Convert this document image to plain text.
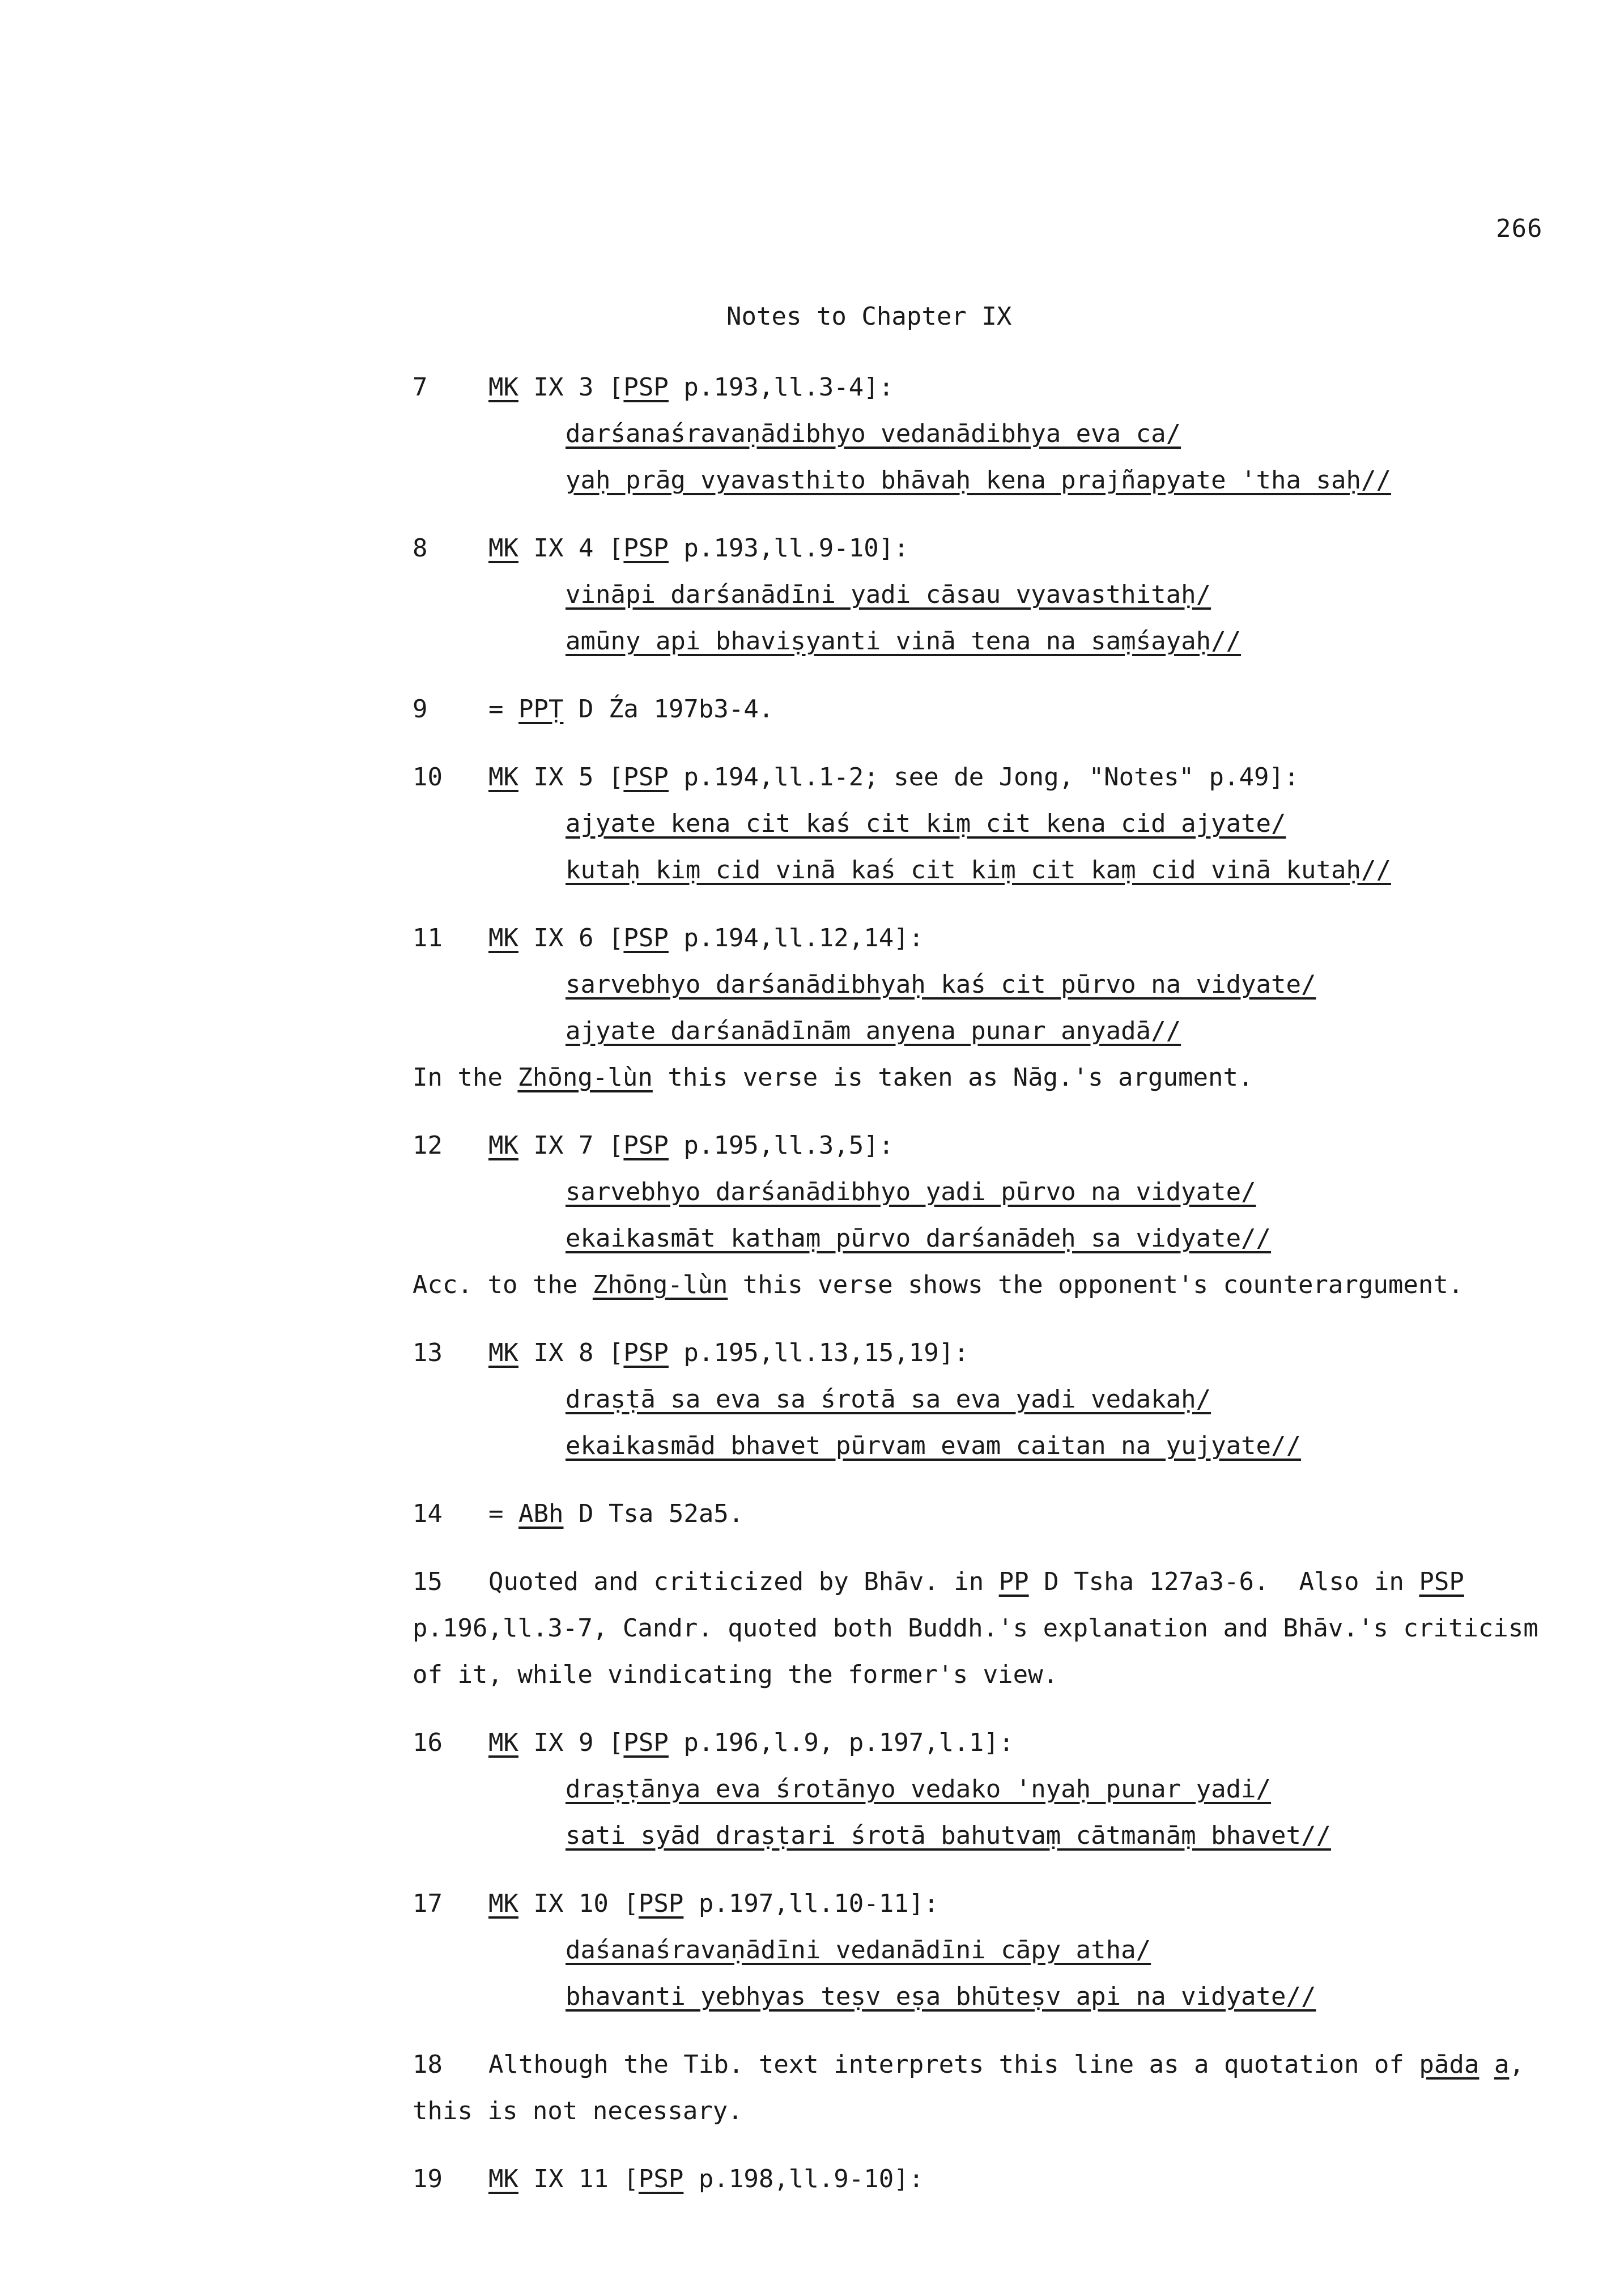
266
Notes to Chapter IX
7 MK IX 3 [PSP p.193,ll.3-4]:
darśanaśravaṇādibhyo vedanādibhya eva ca/
yaḥ prāg vyavasthito bhāvaḥ kena prajñapyate 'tha saḥ//
8 MK IX 4 [PSP p.193,ll.9-10]:
vināpi darśanādīni yadi cāsau vyavasthitaḥ/
amūny api bhaviṣyanti vinā tena na saṃśayaḥ//
9 = PPṬ D Źa 197b3-4.
10 MK IX 5 [PSP p.194,ll.1-2; see de Jong, "Notes" p.49]:
ajyate kena cit kaś cit kiṃ cit kena cid ajyate/
kutaḥ kiṃ cid vinā kaś cit kiṃ cit kaṃ cid vinā kutaḥ//
11 MK IX 6 [PSP p.194,ll.12,14]:
sarvebhyo darśanādibhyaḥ kaś cit pūrvo na vidyate/
ajyate darśanādīnām anyena punar anyadā//
In the Zhōng-lùn this verse is taken as Nāg.'s argument.
12 MK IX 7 [PSP p.195,ll.3,5]:
sarvebhyo darśanādibhyo yadi pūrvo na vidyate/
ekaikasmāt kathaṃ pūrvo darśanādeḥ sa vidyate//
Acc. to the Zhōng-lùn this verse shows the opponent's counterargument.
13 MK IX 8 [PSP p.195,ll.13,15,19]:
draṣṭā sa eva sa śrotā sa eva yadi vedakaḥ/
ekaikasmād bhavet pūrvam evam caitan na yujyate//
14 = ABh D Tsa 52a5.
15 Quoted and criticized by Bhāv. in PP D Tsha 127a3-6.  Also in PSP
p.196,ll.3-7, Candr. quoted both Buddh.'s explanation and Bhāv.'s criticism
of it, while vindicating the former's view.
16 MK IX 9 [PSP p.196,l.9, p.197,l.1]:
draṣṭānya eva śrotānyo vedako 'nyaḥ punar yadi/
sati syād draṣṭari śrotā bahutvaṃ cātmanāṃ bhavet//
17 MK IX 10 [PSP p.197,ll.10-11]:
daśanaśravaṇādīni vedanādīni cāpy atha/
bhavanti yebhyas teṣv eṣa bhūteṣv api na vidyate//
18 Although the Tib. text interprets this line as a quotation of pāda a,
this is not necessary.
19 MK IX 11 [PSP p.198,ll.9-10]:
